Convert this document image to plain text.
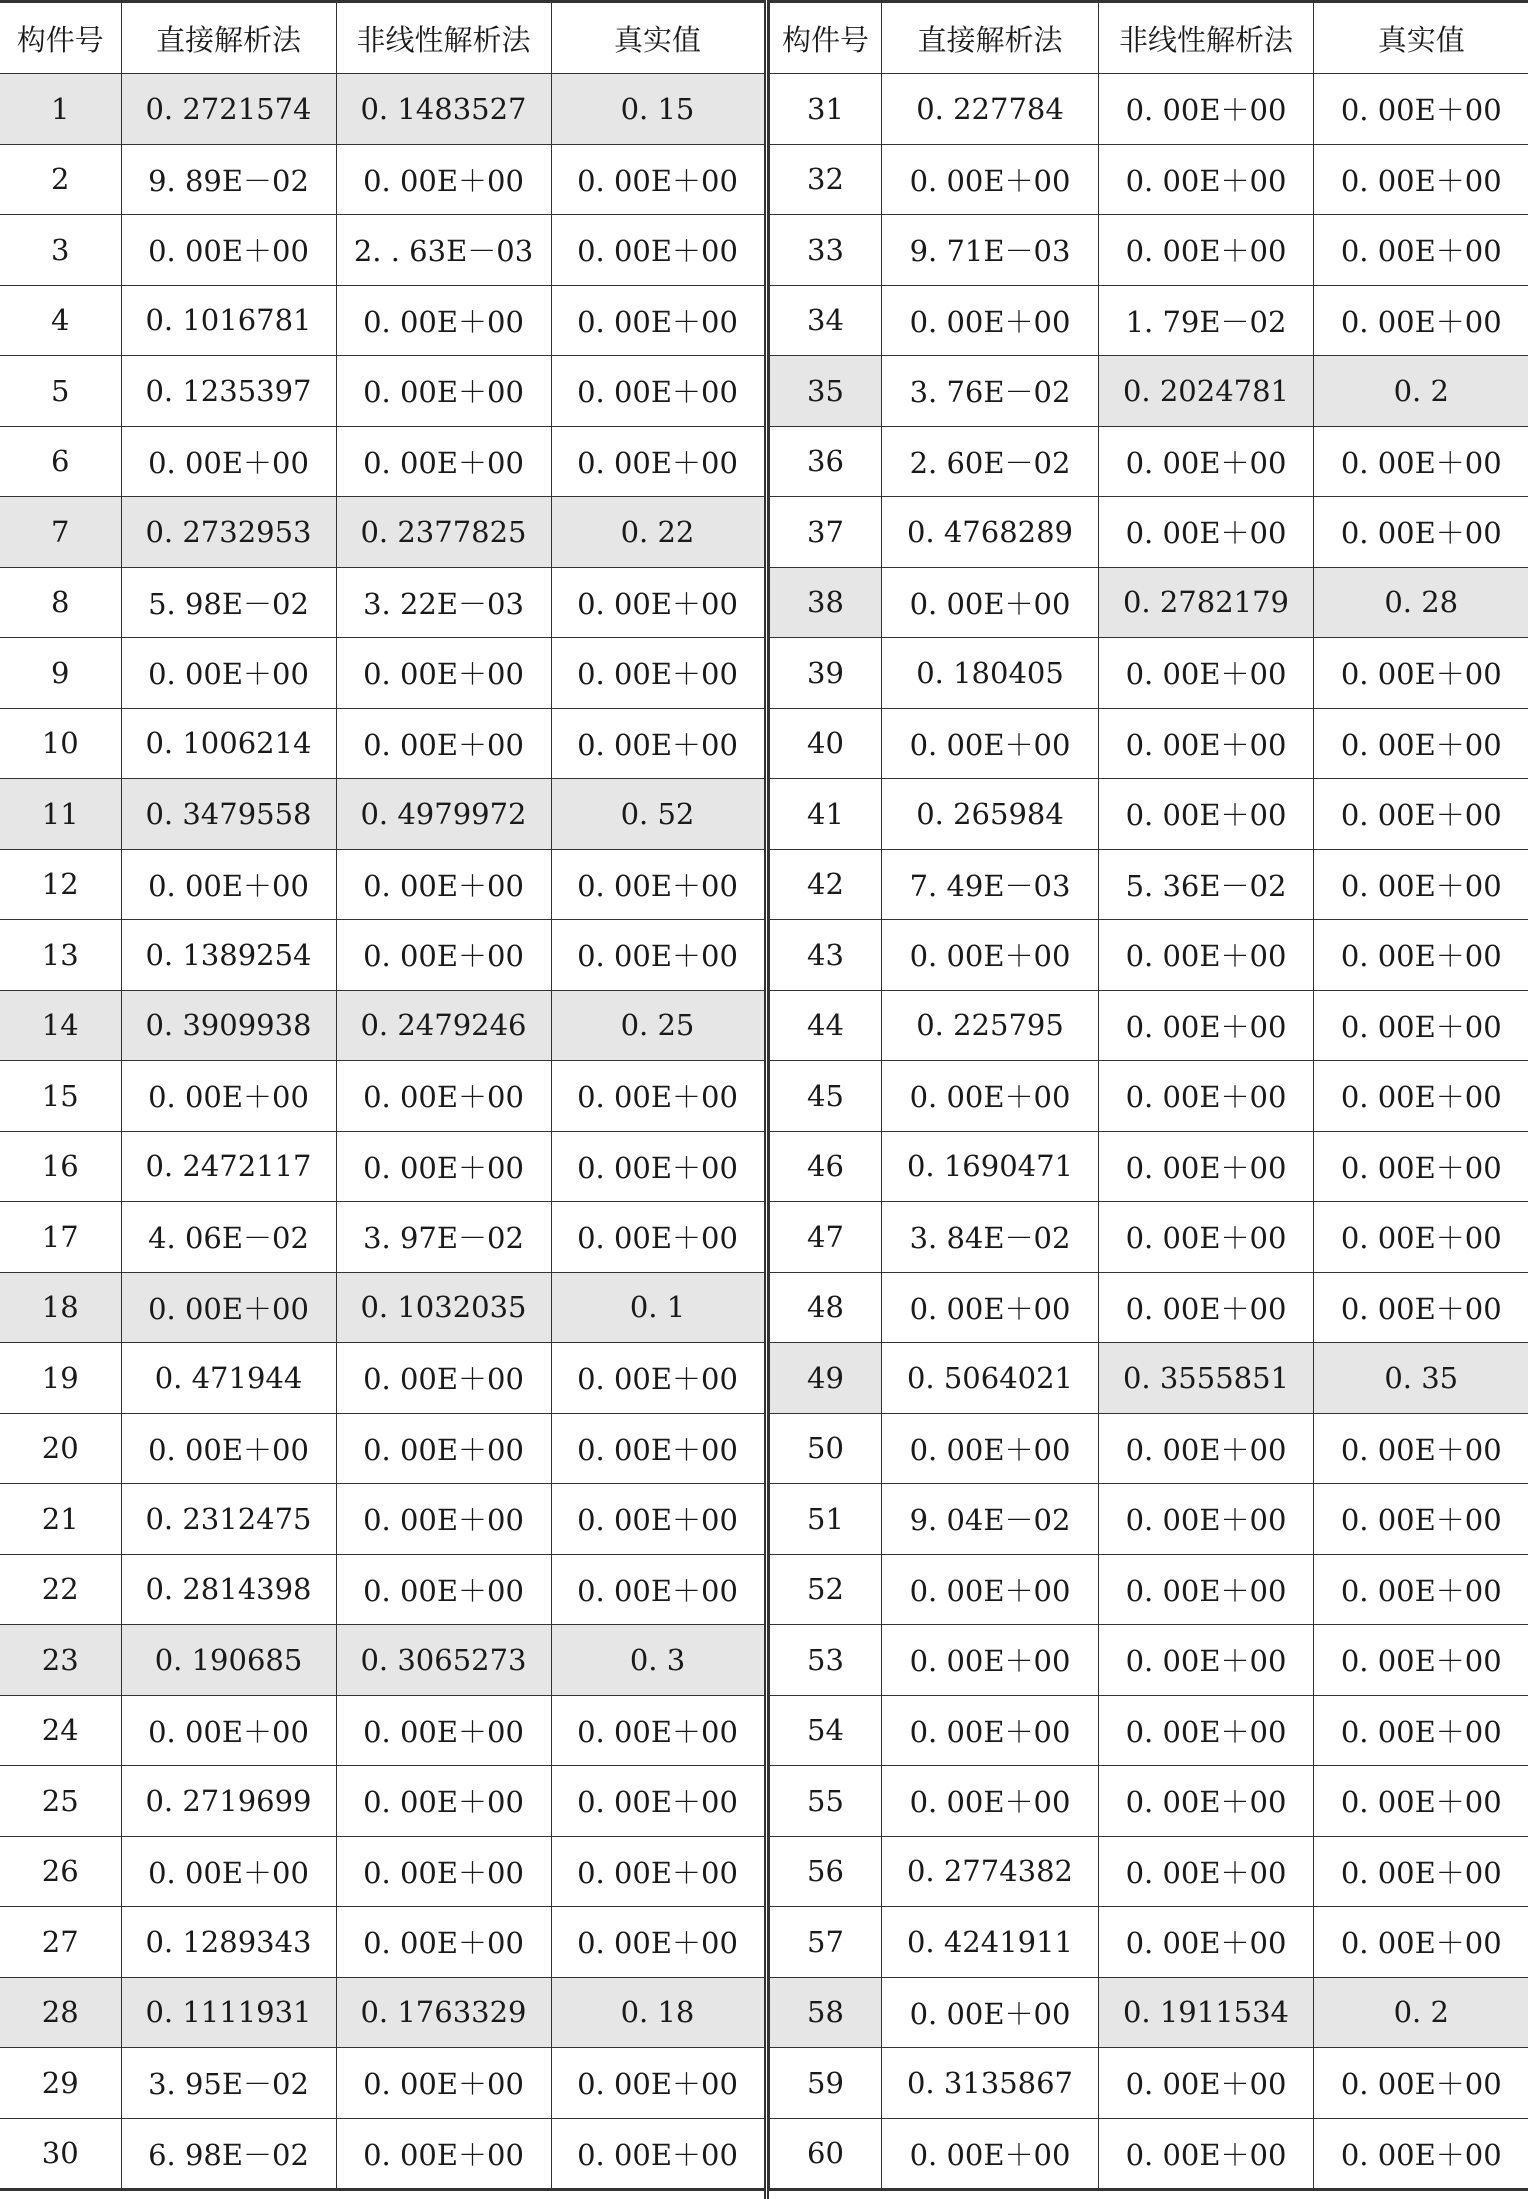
构件号	直接解析法	非线性解析法	真实值
1	0. 2721574	0. 1483527	0. 15
2	9. 89E－02	0. 00E＋00	0. 00E＋00
3	0. 00E＋00	2. . 63E－03	0. 00E＋00
4	0. 1016781	0. 00E＋00	0. 00E＋00
5	0. 1235397	0. 00E＋00	0. 00E＋00
6	0. 00E＋00	0. 00E＋00	0. 00E＋00
7	0. 2732953	0. 2377825	0. 22
8	5. 98E－02	3. 22E－03	0. 00E＋00
9	0. 00E＋00	0. 00E＋00	0. 00E＋00
10	0. 1006214	0. 00E＋00	0. 00E＋00
11	0. 3479558	0. 4979972	0. 52
12	0. 00E＋00	0. 00E＋00	0. 00E＋00
13	0. 1389254	0. 00E＋00	0. 00E＋00
14	0. 3909938	0. 2479246	0. 25
15	0. 00E＋00	0. 00E＋00	0. 00E＋00
16	0. 2472117	0. 00E＋00	0. 00E＋00
17	4. 06E－02	3. 97E－02	0. 00E＋00
18	0. 00E＋00	0. 1032035	0. 1
19	0. 471944	0. 00E＋00	0. 00E＋00
20	0. 00E＋00	0. 00E＋00	0. 00E＋00
21	0. 2312475	0. 00E＋00	0. 00E＋00
22	0. 2814398	0. 00E＋00	0. 00E＋00
23	0. 190685	0. 3065273	0. 3
24	0. 00E＋00	0. 00E＋00	0. 00E＋00
25	0. 2719699	0. 00E＋00	0. 00E＋00
26	0. 00E＋00	0. 00E＋00	0. 00E＋00
27	0. 1289343	0. 00E＋00	0. 00E＋00
28	0. 1111931	0. 1763329	0. 18
29	3. 95E－02	0. 00E＋00	0. 00E＋00
30	6. 98E－02	0. 00E＋00	0. 00E＋00
构件号	直接解析法	非线性解析法	真实值
31	0. 227784	0. 00E＋00	0. 00E＋00
32	0. 00E＋00	0. 00E＋00	0. 00E＋00
33	9. 71E－03	0. 00E＋00	0. 00E＋00
34	0. 00E＋00	1. 79E－02	0. 00E＋00
35	3. 76E－02	0. 2024781	0. 2
36	2. 60E－02	0. 00E＋00	0. 00E＋00
37	0. 4768289	0. 00E＋00	0. 00E＋00
38	0. 00E＋00	0. 2782179	0. 28
39	0. 180405	0. 00E＋00	0. 00E＋00
40	0. 00E＋00	0. 00E＋00	0. 00E＋00
41	0. 265984	0. 00E＋00	0. 00E＋00
42	7. 49E－03	5. 36E－02	0. 00E＋00
43	0. 00E＋00	0. 00E＋00	0. 00E＋00
44	0. 225795	0. 00E＋00	0. 00E＋00
45	0. 00E＋00	0. 00E＋00	0. 00E＋00
46	0. 1690471	0. 00E＋00	0. 00E＋00
47	3. 84E－02	0. 00E＋00	0. 00E＋00
48	0. 00E＋00	0. 00E＋00	0. 00E＋00
49	0. 5064021	0. 3555851	0. 35
50	0. 00E＋00	0. 00E＋00	0. 00E＋00
51	9. 04E－02	0. 00E＋00	0. 00E＋00
52	0. 00E＋00	0. 00E＋00	0. 00E＋00
53	0. 00E＋00	0. 00E＋00	0. 00E＋00
54	0. 00E＋00	0. 00E＋00	0. 00E＋00
55	0. 00E＋00	0. 00E＋00	0. 00E＋00
56	0. 2774382	0. 00E＋00	0. 00E＋00
57	0. 4241911	0. 00E＋00	0. 00E＋00
58	0. 00E＋00	0. 1911534	0. 2
59	0. 3135867	0. 00E＋00	0. 00E＋00
60	0. 00E＋00	0. 00E＋00	0. 00E＋00
